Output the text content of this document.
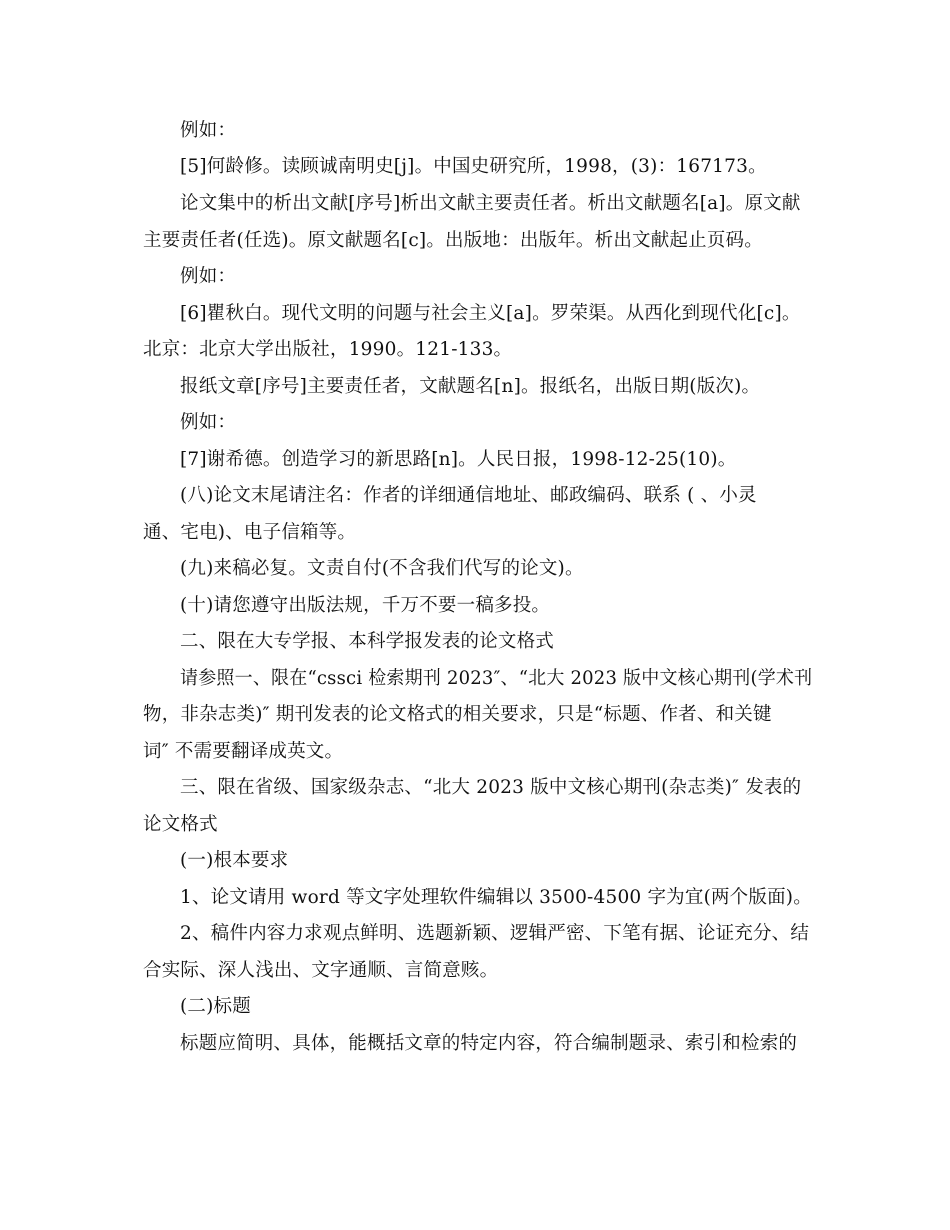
例如：
[5]何龄修。读顾诚南明史[j]。中国史研究所，1998，(3)：167173。
论文集中的析出文献[序号]析出文献主要责任者。析出文献题名[a]。原文献
主要责任者(任选)。原文献题名[c]。出版地：出版年。析出文献起止页码。
例如：
[6]瞿秋白。现代文明的问题与社会主义[a]。罗荣渠。从西化到现代化[c]。
北京：北京大学出版社，1990。121-133。
报纸文章[序号]主要责任者，文献题名[n]。报纸名，出版日期(版次)。
例如：
[7]谢希德。创造学习的新思路[n]。人民日报，1998-12-25(10)。
(八)论文末尾请注名：作者的详细通信地址、邮政编码、联系 ( 、小灵
通、宅电)、电子信箱等。
(九)来稿必复。文责自付(不含我们代写的论文)。
(十)请您遵守出版法规，千万不要一稿多投。
二、限在大专学报、本科学报发表的论文格式
请参照一、限在“cssci 检索期刊 2023″、“北大 2023 版中文核心期刊(学术刊
物，非杂志类)″ 期刊发表的论文格式的相关要求，只是“标题、作者、和关键
词″ 不需要翻译成英文。
三、限在省级、国家级杂志、“北大 2023 版中文核心期刊(杂志类)″ 发表的
论文格式
(一)根本要求
1、论文请用 word 等文字处理软件编辑以 3500-4500 字为宜(两个版面)。
2、稿件内容力求观点鲜明、选题新颖、逻辑严密、下笔有据、论证充分、结
合实际、深人浅出、文字通顺、言简意赅。
(二)标题
标题应简明、具体，能概括文章的特定内容，符合编制题录、索引和检索的
